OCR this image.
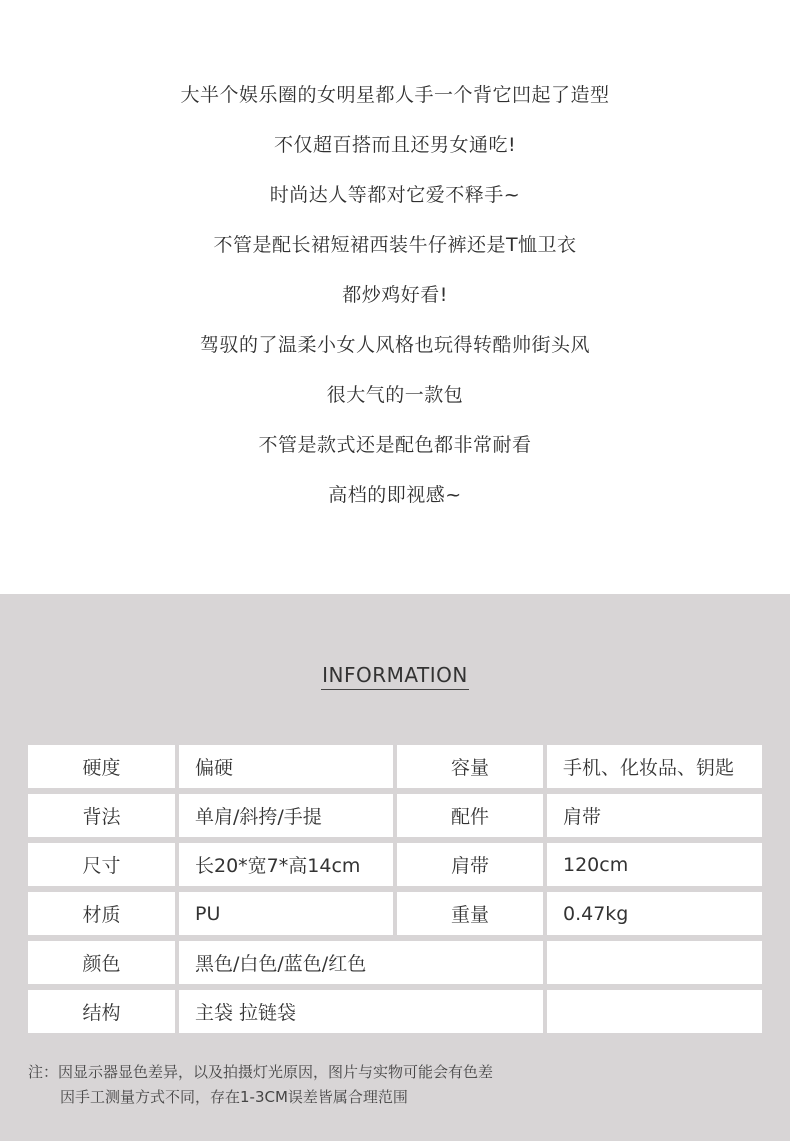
大半个娱乐圈的女明星都人手一个背它凹起了造型
不仅超百搭而且还男女通吃!
时尚达人等都对它爱不释手~
不管是配长裙短裙西装牛仔裤还是T恤卫衣
都炒鸡好看!
驾驭的了温柔小女人风格也玩得转酷帅街头风
很大气的一款包
不管是款式还是配色都非常耐看
高档的即视感~
INFORMATION
硬度	偏硬	容量	手机、化妆品、钥匙
背法	单肩/斜挎/手提	配件	肩带
尺寸	长20*宽7*高14cm	肩带	120cm
材质	PU	重量	0.47kg
颜色	黑色/白色/蓝色/红色
结构	主袋 拉链袋
注：因显示器显色差异，以及拍摄灯光原因，图片与实物可能会有色差
因手工测量方式不同，存在1-3CM误差皆属合理范围
